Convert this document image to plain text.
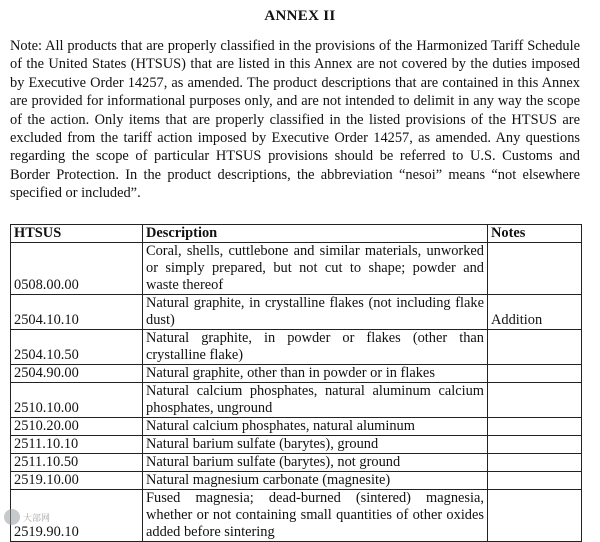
ANNEX II

Note: All products that are properly classified in the provisions of the Harmonized Tariff Schedule of the United States (HTSUS) that are listed in this Annex are not covered by the duties imposed by Executive Order 14257, as amended. The product descriptions that are contained in this Annex are provided for informational purposes only, and are not intended to delimit in any way the scope of the action. Only items that are properly classified in the listed provisions of the HTSUS are excluded from the tariff action imposed by Executive Order 14257, as amended. Any questions regarding the scope of particular HTSUS provisions should be referred to U.S. Customs and Border Protection. In the product descriptions, the abbreviation “nesoi” means “not elsewhere specified or included”.

HTSUS	Description	Notes
0508.00.00	Coral, shells, cuttlebone and similar materials, unworked or simply prepared, but not cut to shape; powder and waste thereof	
2504.10.10	Natural graphite, in crystalline flakes (not including flake dust)	Addition
2504.10.50	Natural graphite, in powder or flakes (other than crystalline flake)	
2504.90.00	Natural graphite, other than in powder or in flakes	
2510.10.00	Natural calcium phosphates, natural aluminum calcium phosphates, unground	
2510.20.00	Natural calcium phosphates, natural aluminum	
2511.10.10	Natural barium sulfate (barytes), ground	
2511.10.50	Natural barium sulfate (barytes), not ground	
2519.10.00	Natural magnesium carbonate (magnesite)	
2519.90.10	Fused magnesia; dead-burned (sintered) magnesia, whether or not containing small quantities of other oxides added before sintering	
大部网
